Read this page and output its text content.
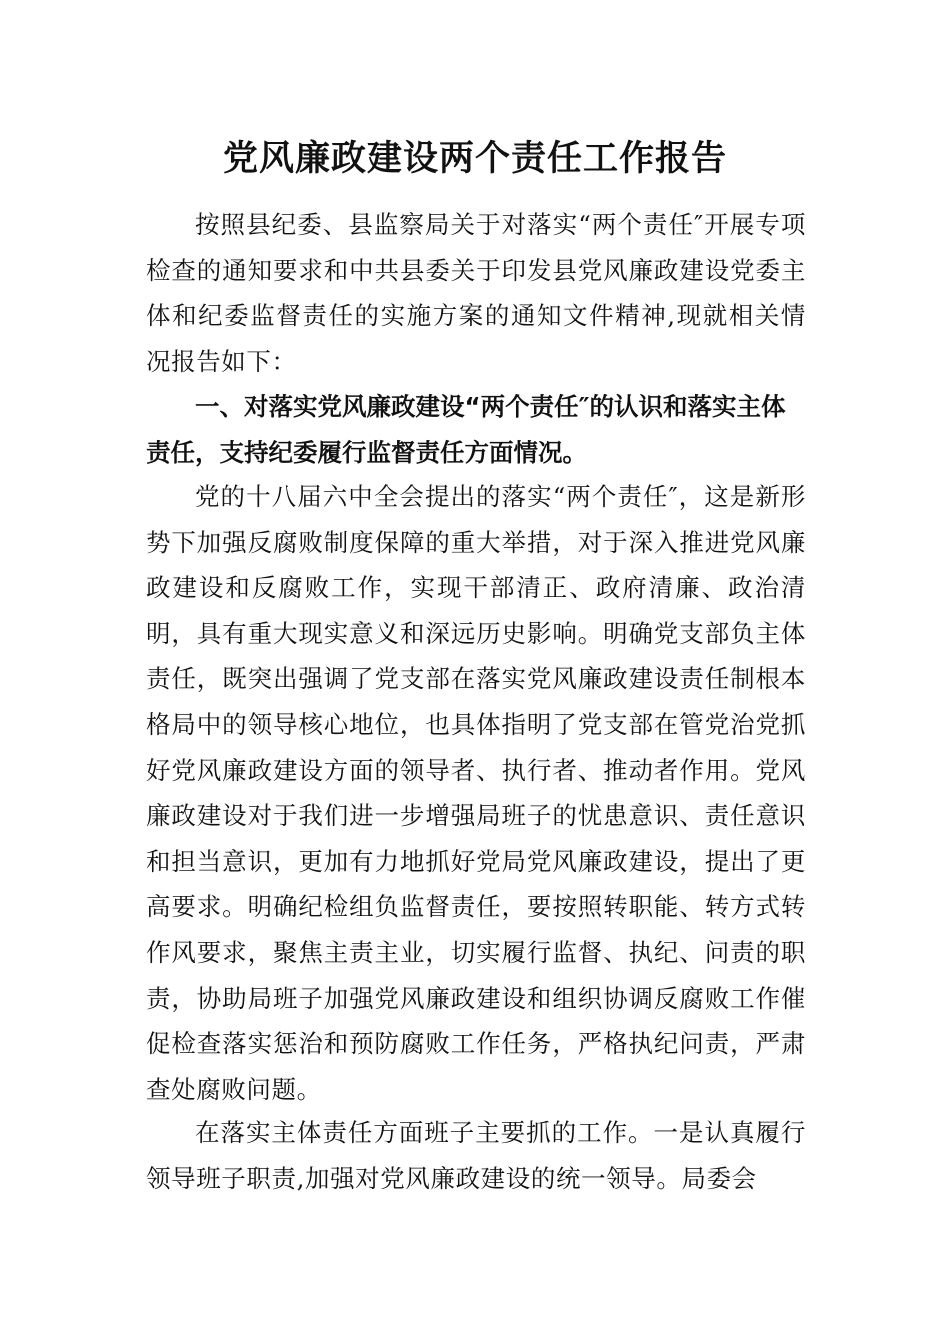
党风廉政建设两个责任工作报告

按照县纪委、县监察局关于对落实“两个责任″开展专项检查的通知要求和中共县委关于印发县党风廉政建设党委主体和纪委监督责任的实施方案的通知文件精神,现就相关情况报告如下：

一、对落实党风廉政建设“两个责任″的认识和落实主体责任，支持纪委履行监督责任方面情况。

党的十八届六中全会提出的落实“两个责任″，这是新形势下加强反腐败制度保障的重大举措，对于深入推进党风廉政建设和反腐败工作，实现干部清正、政府清廉、政治清明，具有重大现实意义和深远历史影响。明确党支部负主体责任，既突出强调了党支部在落实党风廉政建设责任制根本格局中的领导核心地位，也具体指明了党支部在管党治党抓好党风廉政建设方面的领导者、执行者、推动者作用。党风廉政建设对于我们进一步增强局班子的忧患意识、责任意识和担当意识，更加有力地抓好党局党风廉政建设，提出了更高要求。明确纪检组负监督责任，要按照转职能、转方式转作风要求，聚焦主责主业，切实履行监督、执纪、问责的职责，协助局班子加强党风廉政建设和组织协调反腐败工作催促检查落实惩治和预防腐败工作任务，严格执纪问责，严肃查处腐败问题。

在落实主体责任方面班子主要抓的工作。一是认真履行领导班子职责,加强对党风廉政建设的统一领导。局委会
